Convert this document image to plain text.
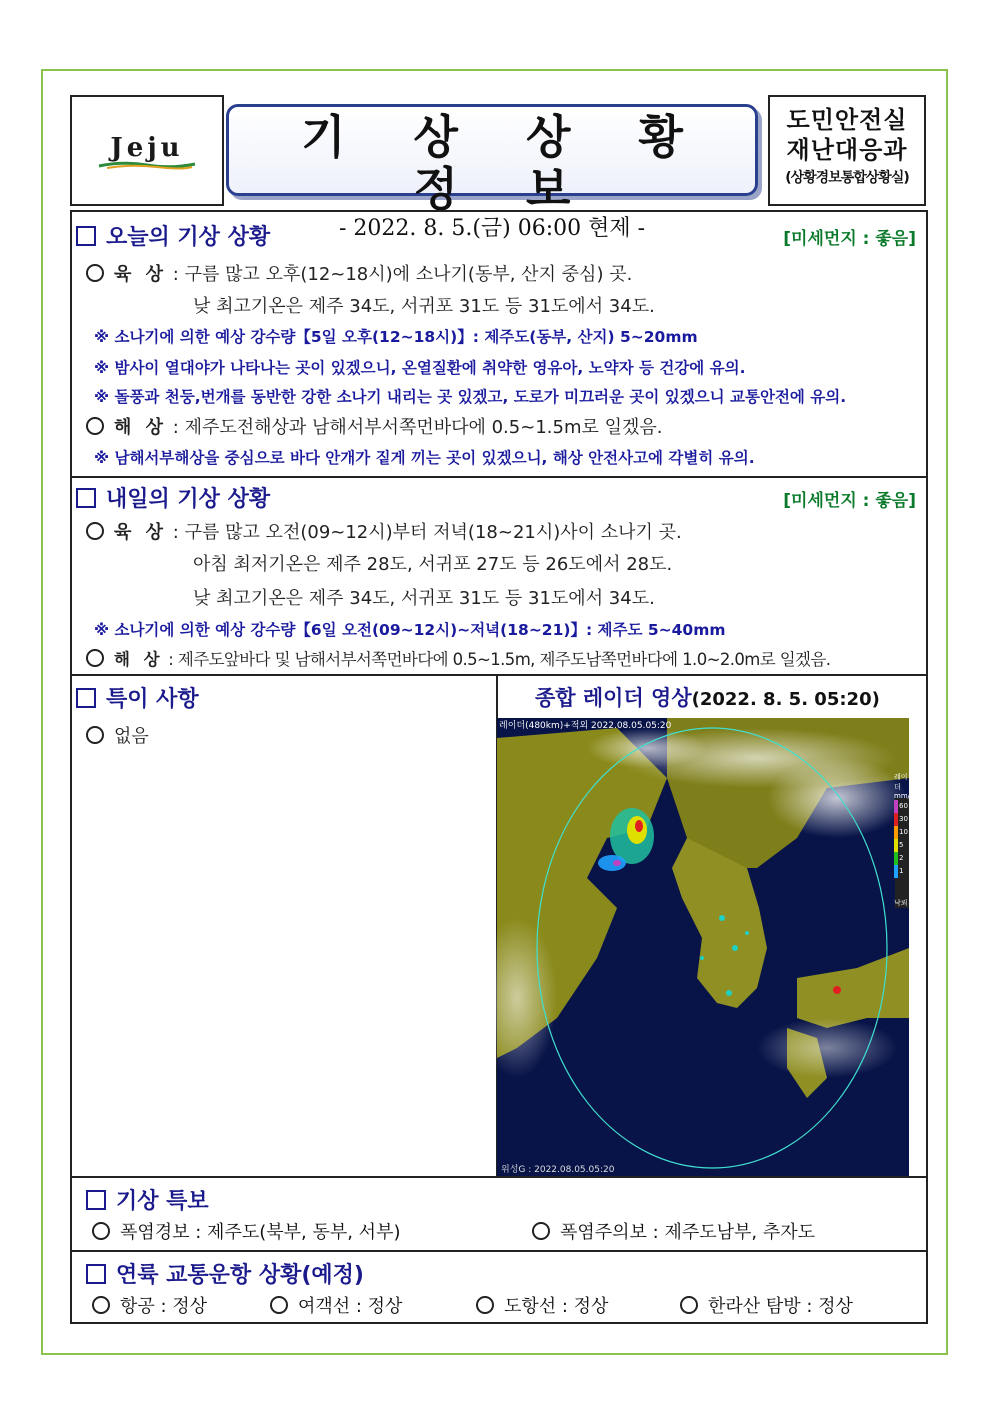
Jeju	기 상 상 황 정 보
- 2022. 8. 5.(금) 06:00 현제 -
도민안전실
재난대응과
(상황경보통합상황실)
오늘의 기상 상황	[미세먼지 : 좋음]
육 상 : 구름 많고 오후(12~18시)에 소나기(동부, 산지 중심) 곳.
낮 최고기온은 제주 34도, 서귀포 31도 등 31도에서 34도.
※ 소나기에 의한 예상 강수량【5일 오후(12~18시)】: 제주도(동부, 산지) 5~20mm
※ 밤사이 열대야가 나타나는 곳이 있겠으니, 온열질환에 취약한 영유아, 노약자 등 건강에 유의.
※ 돌풍과 천둥,번개를 동반한 강한 소나기 내리는 곳 있겠고, 도로가 미끄러운 곳이 있겠으니 교통안전에 유의.
해 상 : 제주도전해상과 남해서부서쪽먼바다에 0.5~1.5m로 일겠음.
※ 남해서부해상을 중심으로 바다 안개가 짙게 끼는 곳이 있겠으니, 해상 안전사고에 각별히 유의.
내일의 기상 상황	[미세먼지 : 좋음]
육 상 : 구름 많고 오전(09~12시)부터 저녁(18~21시)사이 소나기 곳.
아침 최저기온은 제주 28도, 서귀포 27도 등 26도에서 28도.
낮 최고기온은 제주 34도, 서귀포 31도 등 31도에서 34도.
※ 소나기에 의한 예상 강수량【6일 오전(09~12시)~저녁(18~21)】: 제주도 5~40mm
해 상 : 제주도앞바다 및 남해서부서쪽먼바다에 0.5~1.5m, 제주도남쪽먼바다에 1.0~2.0m로 일겠음.
특이 사항
없음
종합 레이더 영상(2022. 8. 5. 05:20)
레이더(480km)+적외 2022.08.05.05:20
위성G : 2022.08.05.05:20
레이더
mm/h
60
30
10
5
2
1
낙뢰
기상 특보
폭염경보 : 제주도(북부, 동부, 서부)	폭염주의보 : 제주도남부, 추자도
연륙 교통운항 상황(예정)
항공 : 정상	여객선 : 정상	도항선 : 정상	한라산 탐방 : 정상
